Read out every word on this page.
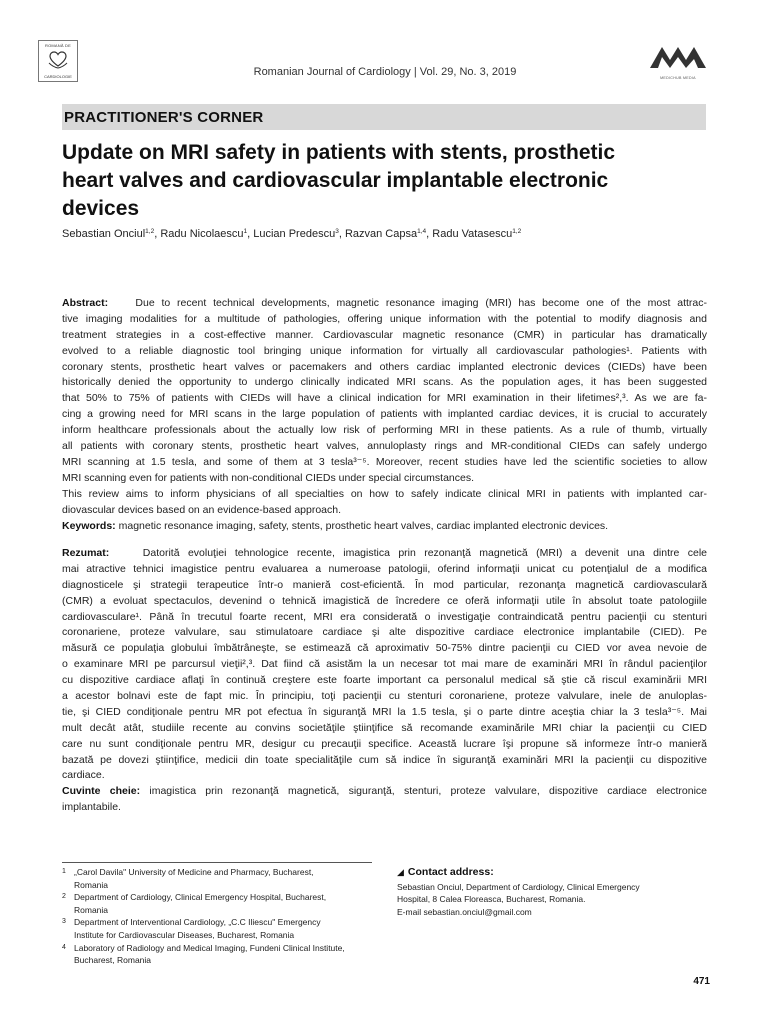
ROMANĂ DE
CARDIOLOGIE	Romanian Journal of Cardiology | Vol. 29, No. 3, 2019	MEDICHUB MEDIA
PRACTITIONER'S CORNER
Update on MRI safety in patients with stents, prosthetic
heart valves and cardiovascular implantable electronic
devices
Sebastian Onciul$^{1,2}$, Radu Nicolaescu$^1$, Lucian Predescu$^3$, Razvan Capsa$^{1,4}$, Radu Vatasescu$^{1,2}$
Abstract:	Due to recent technical developments, magnetic resonance imaging (MRI) has become one of the most attrac-
tive imaging modalities for a multitude of pathologies, offering unique information with the potential to modify diagnosis and
treatment strategies in a cost-effective manner. Cardiovascular magnetic resonance (CMR) in particular has dramatically
evolved to a reliable diagnostic tool bringing unique information for virtually all cardiovascular pathologies¹. Patients with
coronary stents, prosthetic heart valves or pacemakers and others cardiac implanted electronic devices (CIEDs) have been
historically denied the opportunity to undergo clinically indicated MRI scans. As the population ages, it has been suggested
that 50% to 75% of patients with CIEDs will have a clinical indication for MRI examination in their lifetimes²,³. As we are fa-
cing a growing need for MRI scans in the large population of patients with implanted cardiac devices, it is crucial to accurately
inform healthcare professionals about the actually low risk of performing MRI in these patients. As a rule of thumb, virtually
all patients with coronary stents, prosthetic heart valves, annuloplasty rings and MR-conditional CIEDs can safely undergo
MRI scanning at 1.5 tesla, and some of them at 3 tesla³⁻⁵. Moreover, recent studies have led the scientific societies to allow
MRI scanning even for patients with non-conditional CIEDs under special circumstances.
This review aims to inform physicians of all specialties on how to safely indicate clinical MRI in patients with implanted car-
diovascular devices based on an evidence-based approach.
Keywords: magnetic resonance imaging, safety, stents, prosthetic heart valves, cardiac implanted electronic devices.
Rezumat:	Datorită evoluţiei tehnologice recente, imagistica prin rezonanţă magnetică (MRI) a devenit una dintre cele
mai atractive tehnici imagistice pentru evaluarea a numeroase patologii, oferind informaţii unicat cu potenţialul de a modifica
diagnosticele şi strategii terapeutice într-o manieră cost-eficientă. În mod particular, rezonanţa magnetică cardiovasculară
(CMR) a evoluat spectaculos, devenind o tehnică imagistică de încredere ce oferă informaţii utile în absolut toate patologiile
cardiovasculare¹. Până în trecutul foarte recent, MRI era considerată o investigaţie contraindicată pentru pacienţii cu stenturi
coronariene, proteze valvulare, sau stimulatoare cardiace şi alte dispozitive cardiace electronice implantabile (CIED). Pe
măsură ce populaţia globului îmbătrâneşte, se estimează că aproximativ 50-75% dintre pacienţii cu CIED vor avea nevoie de
o examinare MRI pe parcursul vieţii²,³. Dat fiind că asistăm la un necesar tot mai mare de examinări MRI în rândul pacienţilor
cu dispozitive cardiace aflaţi în continuă creştere este foarte important ca personalul medical să ştie că riscul examinării MRI
a acestor bolnavi este de fapt mic. În principiu, toţi pacienţii cu stenturi coronariene, proteze valvulare, inele de anuloplas-
tie, şi CIED condiţionale pentru MR pot efectua în siguranţă MRI la 1.5 tesla, şi o parte dintre aceştia chiar la 3 tesla³⁻⁵. Mai
mult decât atât, studiile recente au convins societăţile ştiinţifice să recomande examinările MRI chiar la pacienţii cu CIED
care nu sunt condiţionale pentru MR, desigur cu precauţii specifice. Această lucrare îşi propune să informeze într-o manieră
bazată pe dovezi ştiinţifice, medicii din toate specialităţile cum să indice în siguranţă examinări MRI la pacienţii cu dispozitive
cardiace.
Cuvinte cheie: imagistica prin rezonanţă magnetică, siguranţă, stenturi, proteze valvulare, dispozitive cardiace electronice
implantabile.
1 „Carol Davila" University of Medicine and Pharmacy, Bucharest,
Romania
2 Department of Cardiology, Clinical Emergency Hospital, Bucharest,
Romania
3 Department of Interventional Cardiology, „C.C Iliescu" Emergency
Institute for Cardiovascular Diseases, Bucharest, Romania
4 Laboratory of Radiology and Medical Imaging, Fundeni Clinical Institute,
Bucharest, Romania
◢ Contact address:
Sebastian Onciul, Department of Cardiology, Clinical Emergency
Hospital, 8 Calea Floreasca, Bucharest, Romania.
E-mail sebastian.onciul@gmail.com
471
